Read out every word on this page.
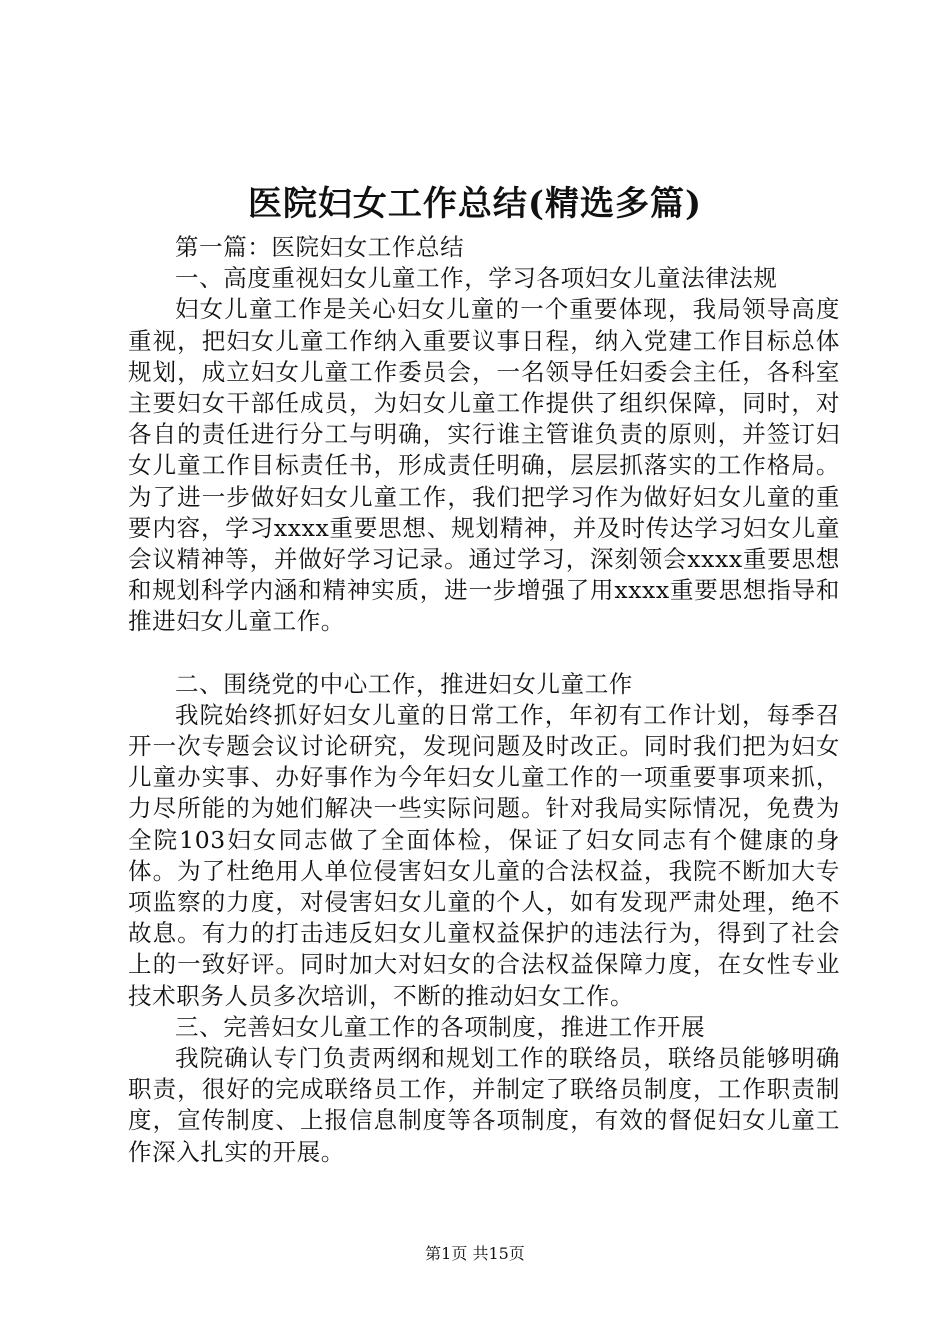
医院妇女工作总结(精选多篇)

第一篇：医院妇女工作总结

一、高度重视妇女儿童工作，学习各项妇女儿童法律法规

妇女儿童工作是关心妇女儿童的一个重要体现，我局领导高度重视，把妇女儿童工作纳入重要议事日程，纳入党建工作目标总体规划，成立妇女儿童工作委员会，一名领导任妇委会主任，各科室主要妇女干部任成员，为妇女儿童工作提供了组织保障，同时，对各自的责任进行分工与明确，实行谁主管谁负责的原则，并签订妇女儿童工作目标责任书，形成责任明确，层层抓落实的工作格局。为了进一步做好妇女儿童工作，我们把学习作为做好妇女儿童的重要内容，学习xxxx重要思想、规划精神，并及时传达学习妇女儿童会议精神等，并做好学习记录。通过学习，深刻领会xxxx重要思想和规划科学内涵和精神实质，进一步增强了用xxxx重要思想指导和推进妇女儿童工作。

二、围绕党的中心工作，推进妇女儿童工作

我院始终抓好妇女儿童的日常工作，年初有工作计划，每季召开一次专题会议讨论研究，发现问题及时改正。同时我们把为妇女儿童办实事、办好事作为今年妇女儿童工作的一项重要事项来抓，力尽所能的为她们解决一些实际问题。针对我局实际情况，免费为全院103妇女同志做了全面体检，保证了妇女同志有个健康的身体。为了杜绝用人单位侵害妇女儿童的合法权益，我院不断加大专项监察的力度，对侵害妇女儿童的个人，如有发现严肃处理，绝不故息。有力的打击违反妇女儿童权益保护的违法行为，得到了社会上的一致好评。同时加大对妇女的合法权益保障力度，在女性专业技术职务人员多次培训，不断的推动妇女工作。

三、完善妇女儿童工作的各项制度，推进工作开展

我院确认专门负责两纲和规划工作的联络员，联络员能够明确职责，很好的完成联络员工作，并制定了联络员制度，工作职责制度，宣传制度、上报信息制度等各项制度，有效的督促妇女儿童工作深入扎实的开展。

第1页 共15页
